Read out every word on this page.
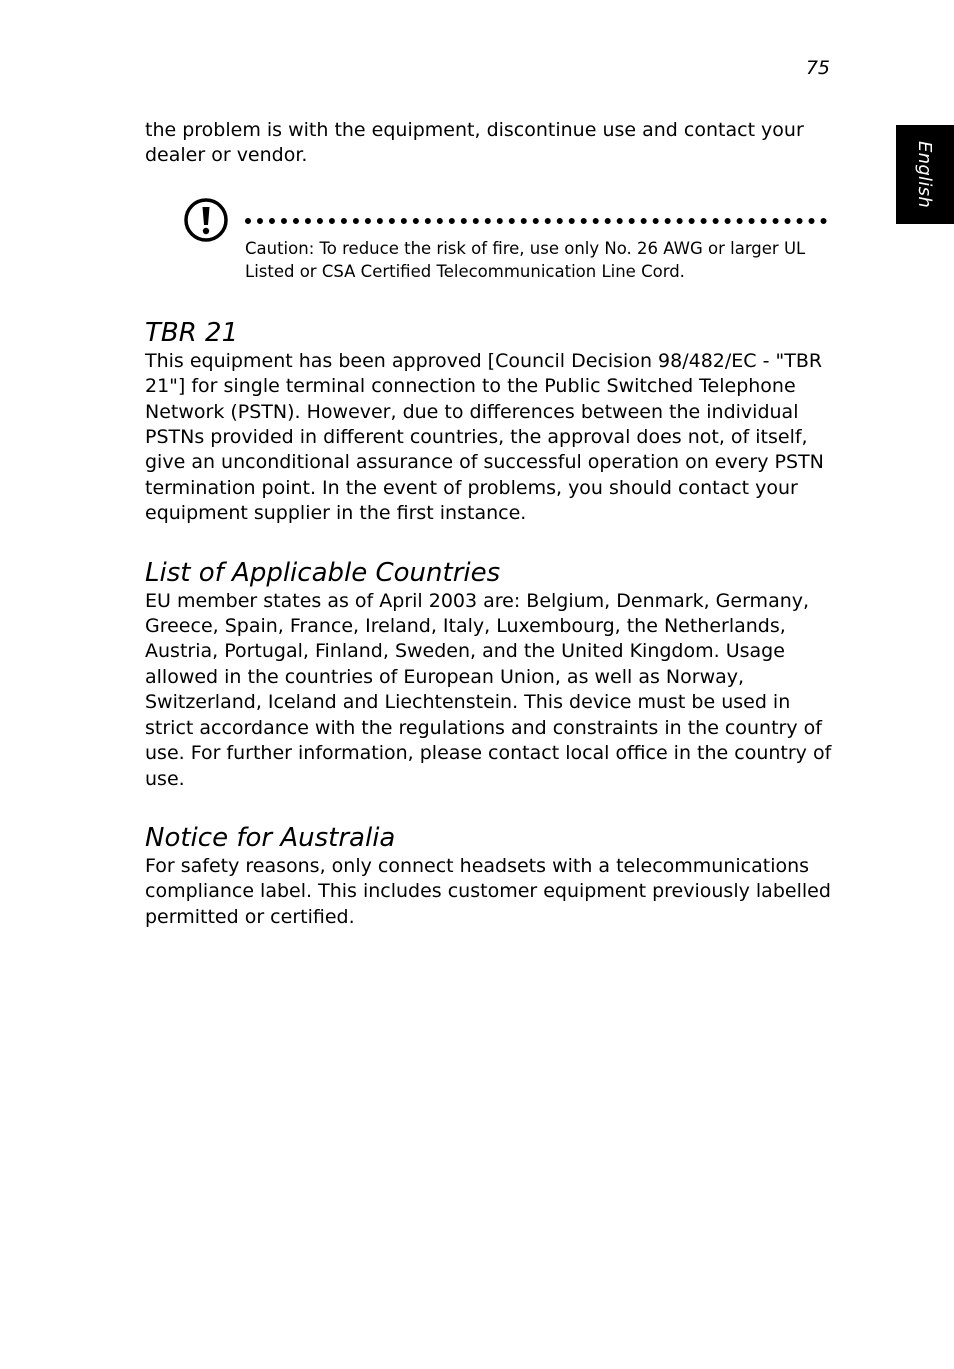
75
English

the problem is with the equipment, discontinue use and contact your dealer or vendor.

Caution: To reduce the risk of fire, use only No. 26 AWG or larger UL Listed or CSA Certified Telecommunication Line Cord.

TBR 21

This equipment has been approved [Council Decision 98/482/EC - "TBR 21"] for single terminal connection to the Public Switched Telephone Network (PSTN). However, due to differences between the individual PSTNs provided in different countries, the approval does not, of itself, give an unconditional assurance of successful operation on every PSTN termination point. In the event of problems, you should contact your equipment supplier in the first instance.

List of Applicable Countries

EU member states as of April 2003 are: Belgium, Denmark, Germany, Greece, Spain, France, Ireland, Italy, Luxembourg, the Netherlands, Austria, Portugal, Finland, Sweden, and the United Kingdom. Usage allowed in the countries of European Union, as well as Norway, Switzerland, Iceland and Liechtenstein. This device must be used in strict accordance with the regulations and constraints in the country of use. For further information, please contact local office in the country of use.

Notice for Australia

For safety reasons, only connect headsets with a telecommunications compliance label. This includes customer equipment previously labelled permitted or certified.
